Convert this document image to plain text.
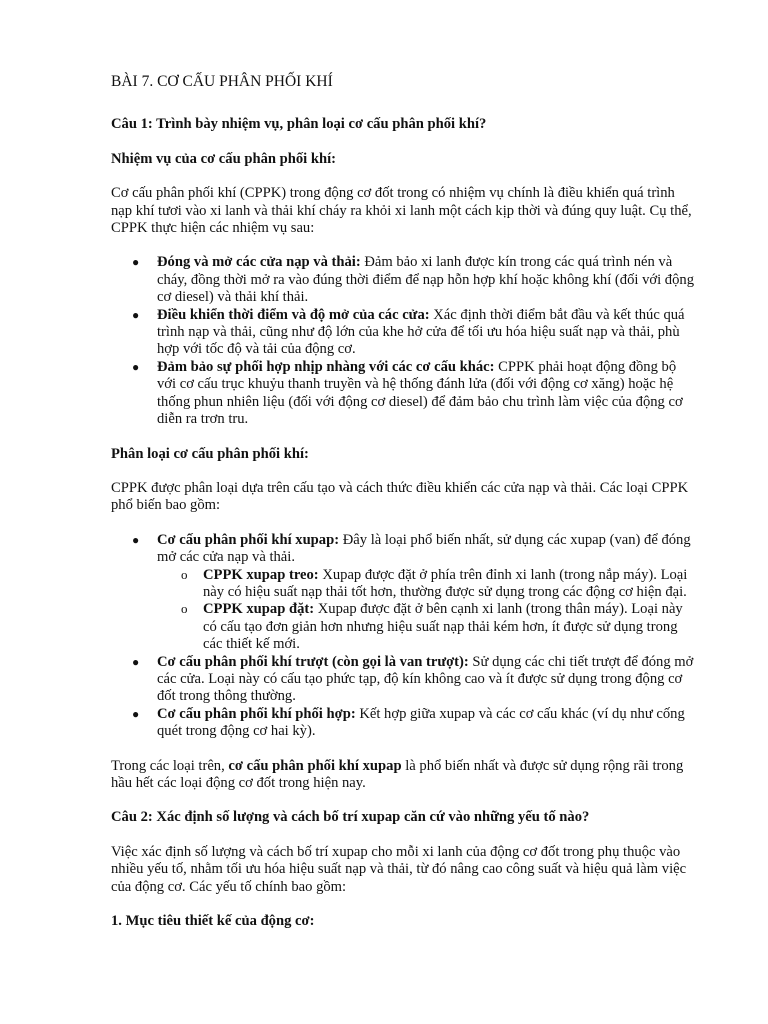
BÀI 7. CƠ CẤU PHÂN PHỐI KHÍ
Câu 1: Trình bày nhiệm vụ, phân loại cơ cấu phân phối khí?
Nhiệm vụ của cơ cấu phân phối khí:

Cơ cấu phân phối khí (CPPK) trong động cơ đốt trong có nhiệm vụ chính là điều khiển quá trình nạp khí tươi vào xi lanh và thải khí cháy ra khỏi xi lanh một cách kịp thời và đúng quy luật. Cụ thể, CPPK thực hiện các nhiệm vụ sau:

● Đóng và mở các cửa nạp và thải: Đảm bảo xi lanh được kín trong các quá trình nén và cháy, đồng thời mở ra vào đúng thời điểm để nạp hỗn hợp khí hoặc không khí (đối với động cơ diesel) và thải khí thải.
● Điều khiển thời điểm và độ mở của các cửa: Xác định thời điểm bắt đầu và kết thúc quá trình nạp và thải, cũng như độ lớn của khe hở cửa để tối ưu hóa hiệu suất nạp và thải, phù hợp với tốc độ và tải của động cơ.
● Đảm bảo sự phối hợp nhịp nhàng với các cơ cấu khác: CPPK phải hoạt động đồng bộ với cơ cấu trục khuỷu thanh truyền và hệ thống đánh lửa (đối với động cơ xăng) hoặc hệ thống phun nhiên liệu (đối với động cơ diesel) để đảm bảo chu trình làm việc của động cơ diễn ra trơn tru.
Phân loại cơ cấu phân phối khí:

CPPK được phân loại dựa trên cấu tạo và cách thức điều khiển các cửa nạp và thải. Các loại CPPK phổ biến bao gồm:

● Cơ cấu phân phối khí xupap: Đây là loại phổ biến nhất, sử dụng các xupap (van) để đóng mở các cửa nạp và thải.
o CPPK xupap treo: Xupap được đặt ở phía trên đỉnh xi lanh (trong nắp máy). Loại này có hiệu suất nạp thải tốt hơn, thường được sử dụng trong các động cơ hiện đại.
o CPPK xupap đặt: Xupap được đặt ở bên cạnh xi lanh (trong thân máy). Loại này có cấu tạo đơn giản hơn nhưng hiệu suất nạp thải kém hơn, ít được sử dụng trong các thiết kế mới.
● Cơ cấu phân phối khí trượt (còn gọi là van trượt): Sử dụng các chi tiết trượt để đóng mở các cửa. Loại này có cấu tạo phức tạp, độ kín không cao và ít được sử dụng trong động cơ đốt trong thông thường.
● Cơ cấu phân phối khí phối hợp: Kết hợp giữa xupap và các cơ cấu khác (ví dụ như cống quét trong động cơ hai kỳ).

Trong các loại trên, cơ cấu phân phối khí xupap là phổ biến nhất và được sử dụng rộng rãi trong hầu hết các loại động cơ đốt trong hiện nay.

Câu 2: Xác định số lượng và cách bố trí xupap căn cứ vào những yếu tố nào?

Việc xác định số lượng và cách bố trí xupap cho mỗi xi lanh của động cơ đốt trong phụ thuộc vào nhiều yếu tố, nhằm tối ưu hóa hiệu suất nạp và thải, từ đó nâng cao công suất và hiệu quả làm việc của động cơ. Các yếu tố chính bao gồm:

1. Mục tiêu thiết kế của động cơ:
